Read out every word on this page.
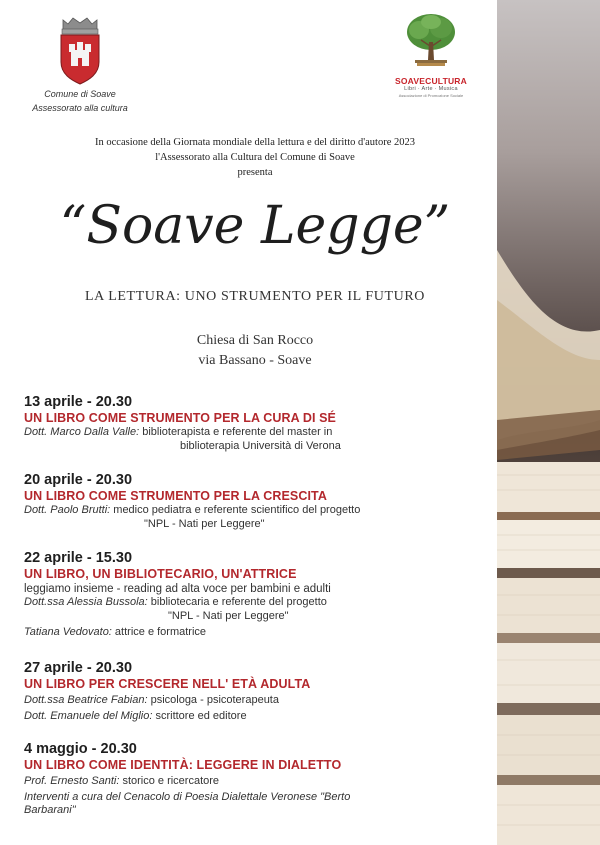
Comune di Soave
Assessorato alla cultura
SOAVECULTURA
Libri · Arte · Musica
Associazione di Promozione Sociale
In occasione della Giornata mondiale della lettura e del diritto d'autore 2023
l'Assessorato alla Cultura del Comune di Soave
presenta
“Soave Legge”
LA LETTURA: UNO STRUMENTO PER IL FUTURO
Chiesa di San Rocco
via Bassano - Soave
13 aprile - 20.30
UN LIBRO COME STRUMENTO PER LA CURA DI SÉ
Dott. Marco Dalla Valle: biblioterapista e referente del master in
biblioterapia Università di Verona
20 aprile - 20.30
UN LIBRO COME STRUMENTO PER LA CRESCITA
Dott. Paolo Brutti: medico pediatra e referente scientifico del progetto
"NPL - Nati per Leggere"
22 aprile - 15.30
UN LIBRO, UN BIBLIOTECARIO, UN'ATTRICE
leggiamo insieme - reading ad alta voce per bambini e adulti
Dott.ssa Alessia Bussola: bibliotecaria e referente del progetto
"NPL - Nati per Leggere"
Tatiana Vedovato: attrice e formatrice
27 aprile - 20.30
UN LIBRO PER CRESCERE NELL' ETÀ ADULTA
Dott.ssa Beatrice Fabian: psicologa - psicoterapeuta
Dott. Emanuele del Miglio: scrittore ed editore
4 maggio - 20.30
UN LIBRO COME IDENTITÀ: LEGGERE IN DIALETTO
Prof. Ernesto Santi: storico e ricercatore
Interventi a cura del Cenacolo di Poesia Dialettale Veronese "Berto
Barbarani"
